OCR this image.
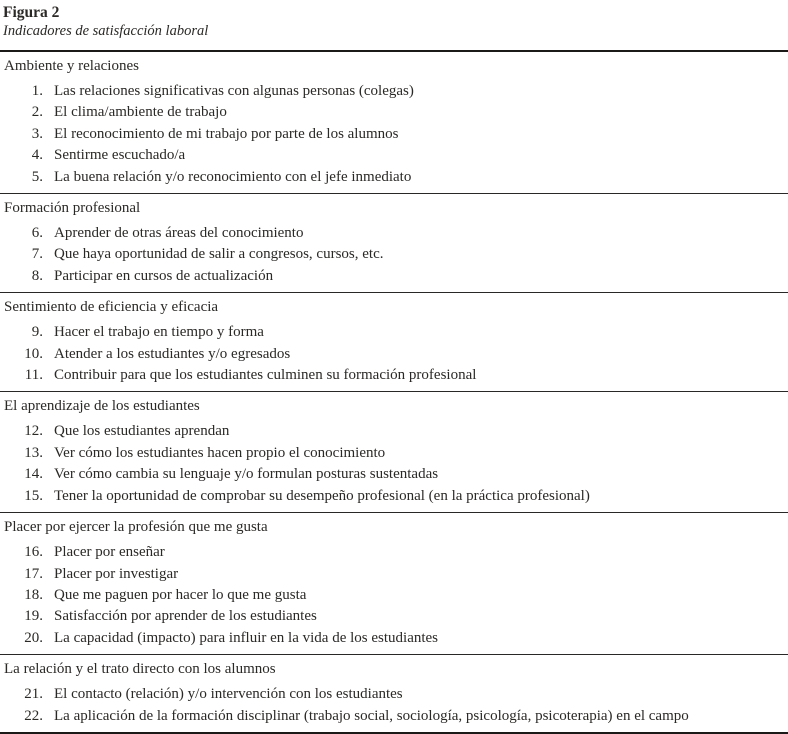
Figura 2
Indicadores de satisfacción laboral
Ambiente y relaciones
1. Las relaciones significativas con algunas personas (colegas)
2. El clima/ambiente de trabajo
3. El reconocimiento de mi trabajo por parte de los alumnos
4. Sentirme escuchado/a
5. La buena relación y/o reconocimiento con el jefe inmediato
Formación profesional
6. Aprender de otras áreas del conocimiento
7. Que haya oportunidad de salir a congresos, cursos, etc.
8. Participar en cursos de actualización
Sentimiento de eficiencia y eficacia
9. Hacer el trabajo en tiempo y forma
10. Atender a los estudiantes y/o egresados
11. Contribuir para que los estudiantes culminen su formación profesional
El aprendizaje de los estudiantes
12. Que los estudiantes aprendan
13. Ver cómo los estudiantes hacen propio el conocimiento
14. Ver cómo cambia su lenguaje y/o formulan posturas sustentadas
15. Tener la oportunidad de comprobar su desempeño profesional (en la práctica profesional)
Placer por ejercer la profesión que me gusta
16. Placer por enseñar
17. Placer por investigar
18. Que me paguen por hacer lo que me gusta
19. Satisfacción por aprender de los estudiantes
20. La capacidad (impacto) para influir en la vida de los estudiantes
La relación y el trato directo con los alumnos
21. El contacto (relación) y/o intervención con los estudiantes
22. La aplicación de la formación disciplinar (trabajo social, sociología, psicología, psicoterapia) en el campo
